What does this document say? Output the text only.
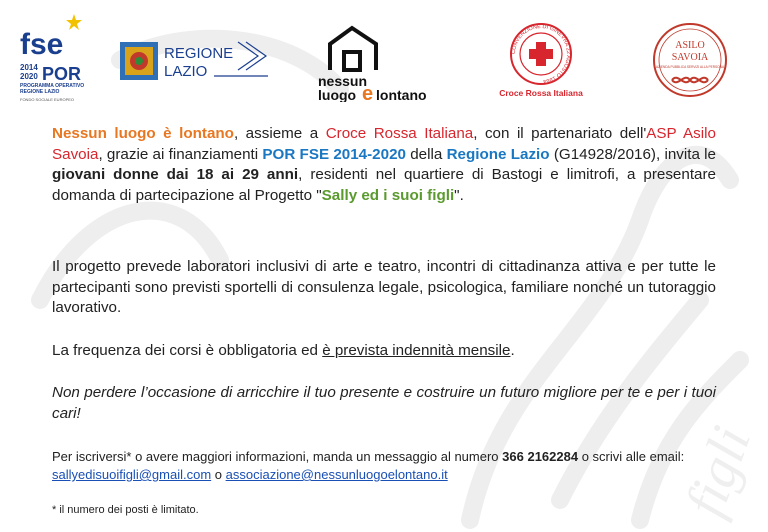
figli
fse
2014
2020 POR
PROGRAMMA OPERATIVO
REGIONE LAZIO
FONDO SOCIALE EUROPEO
REGIONE
LAZIO
nessun
luogo e lontano
CONVENZIONE DI GINEVRA 22 AGOSTO 1864
Croce Rossa Italiana
ASILO
SAVOIA
AZIENDA PUBBLICA SERVIZI ALLA PERSONA

Nessun luogo è lontano, assieme a Croce Rossa Italiana, con il partenariato dell'ASP Asilo Savoia, grazie ai finanziamenti POR FSE 2014-2020 della Regione Lazio (G14928/2016), invita le giovani donne dai 18 ai 29 anni, residenti nel quartiere di Bastogi e limitrofi, a presentare domanda di partecipazione al Progetto "Sally ed i suoi figli".

Il progetto prevede laboratori inclusivi di arte e teatro, incontri di cittadinanza attiva e per tutte le partecipanti sono previsti sportelli di consulenza legale, psicologica, familiare nonché un tutoraggio lavorativo.

La frequenza dei corsi è obbligatoria ed è prevista indennità mensile.

Non perdere l’occasione di arricchire il tuo presente e costruire un futuro migliore per te e per i tuoi cari!

Per iscriversi* o avere maggiori informazioni, manda un messaggio al numero 366 2162284 o scrivi alle email: sallyedisuoifigli@gmail.com o associazione@nessunluogoelontano.it

* il numero dei posti è limitato.
